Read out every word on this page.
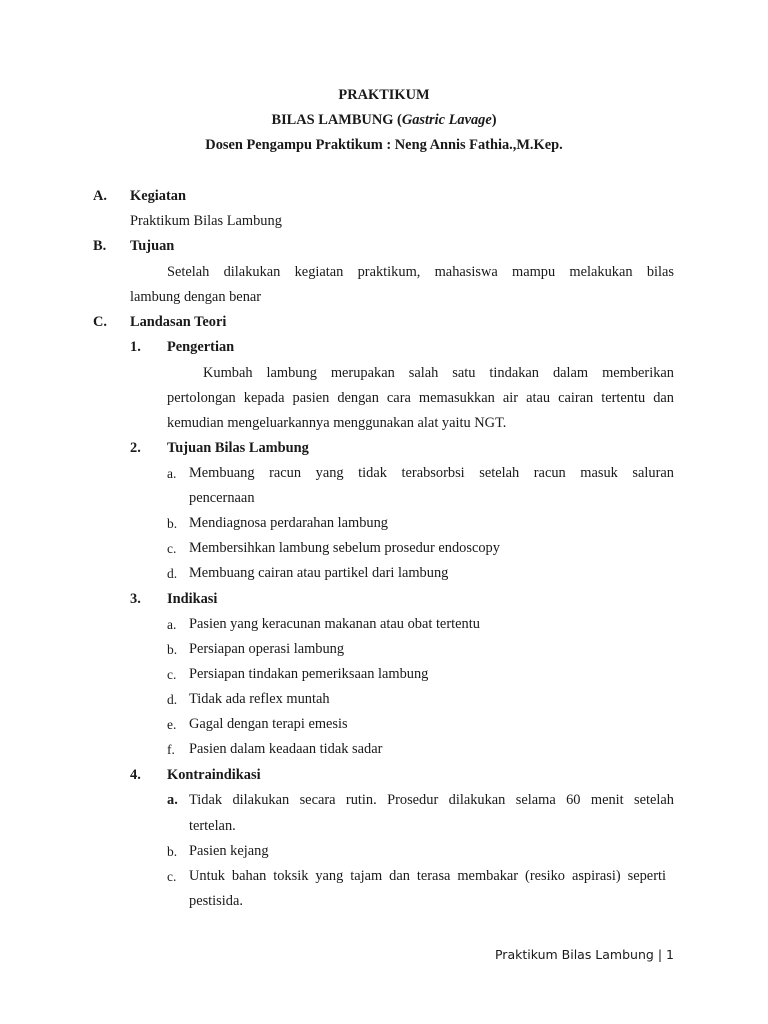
PRAKTIKUM
BILAS LAMBUNG (Gastric Lavage)
Dosen Pengampu Praktikum : Neng Annis Fathia.,M.Kep.
A. Kegiatan
Praktikum Bilas Lambung
B. Tujuan
Setelah dilakukan kegiatan praktikum, mahasiswa mampu melakukan bilas
lambung dengan benar
C. Landasan Teori
1. Pengertian
Kumbah lambung merupakan salah satu tindakan dalam memberikan
pertolongan kepada pasien dengan cara memasukkan air atau cairan tertentu dan
kemudian mengeluarkannya menggunakan alat yaitu NGT.
2. Tujuan Bilas Lambung
a. Membuang racun yang tidak terabsorbsi setelah racun masuk saluran
pencernaan
b. Mendiagnosa perdarahan lambung
c. Membersihkan lambung sebelum prosedur endoscopy
d. Membuang cairan atau partikel dari lambung
3. Indikasi
a. Pasien yang keracunan makanan atau obat tertentu
b. Persiapan operasi lambung
c. Persiapan tindakan pemeriksaan lambung
d. Tidak ada reflex muntah
e. Gagal dengan terapi emesis
f. Pasien dalam keadaan tidak sadar
4. Kontraindikasi
a. Tidak dilakukan secara rutin. Prosedur dilakukan selama 60 menit setelah
tertelan.
b. Pasien kejang
c. Untuk bahan toksik yang tajam dan terasa membakar (resiko aspirasi) seperti
pestisida.
Praktikum Bilas Lambung | 1
